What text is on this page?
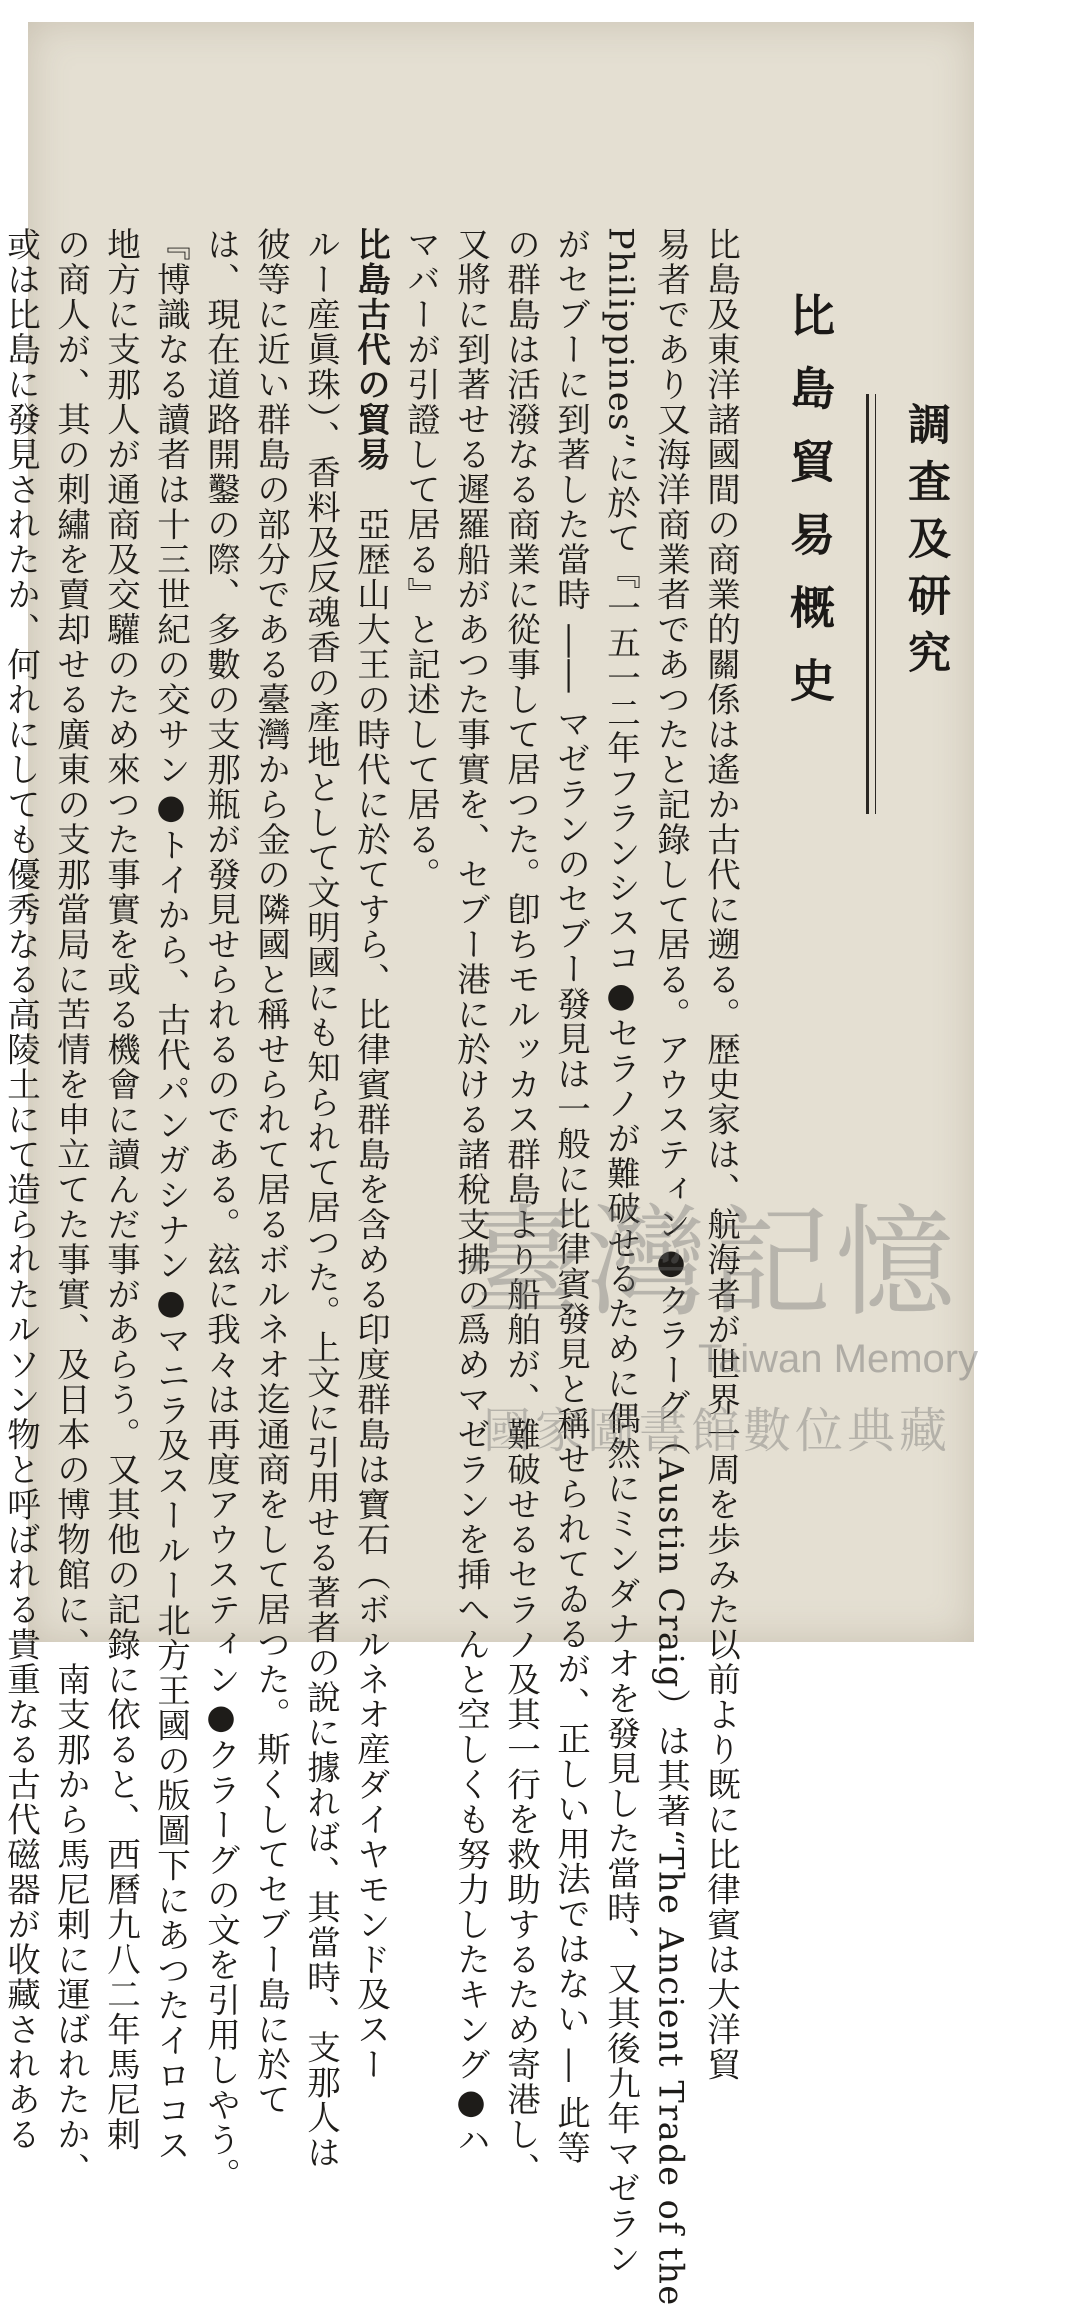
調査及研究
比島貿易概史
比島及東洋諸國間の商業的關係は遙か古代に遡る。歴史家は、航海者が世界一周を歩みた以前より既に比律賓は大洋貿
易者であり又海洋商業者であつたと記錄して居る。アウスティン●クラーグ（Austin Craig）は其著“The Ancient Trade of the
Philippines”に於て『一五一二年フランシスコ●セラノが難破せるために偶然にミンダナオを發見した當時、又其後九年マゼラン
がセブーに到著した當時 ―― マゼランのセブー發見は一般に比律賓發見と稱せられてゐるが、正しい用法ではない ― 此等
の群島は活潑なる商業に從事して居つた。卽ちモルッカス群島より船舶が、難破せるセラノ及其一行を救助するため寄港し、
又將に到著せる遲羅船があつた事實を、セブー港に於ける諸稅支拂の爲めマゼランを挿へんと空しくも努力したキング●ハ
マバーが引證して居る』と記述して居る。
比島古代の貿易　亞歴山大王の時代に於てすら、比律賓群島を含める印度群島は寶石（ボルネオ産ダイヤモンド及スー
ルー産眞珠）、香料及反魂香の產地として文明國にも知られて居つた。上文に引用せる著者の說に據れば、其當時、支那人は
彼等に近い群島の部分である臺灣から金の隣國と稱せられて居るボルネオ迄通商をして居つた。斯くしてセブー島に於て
は、現在道路開鑿の際、多數の支那瓶が發見せられるのである。玆に我々は再度アウスティン●クラーグの文を引用しやう。
『博識なる讀者は十三世紀の交サン●トイから、古代パンガシナン●マニラ及スールー北方王國の版圖下にあつたイロコス
地方に支那人が通商及交驩のため來つた事實を或る機會に讀んだ事があらう。又其他の記錄に依ると、西曆九八二年馬尼剌
の商人が、其の刺繡を賣却せる廣東の支那當局に苦情を申立てた事實、及日本の博物館に、南支那から馬尼剌に運ばれたか、
或は比島に發見されたか、何れにしても優秀なる高陵土にて造られたルソン物と呼ばれる貴重なる古代磁器が收藏されある	臺灣記憶
Taiwan Memory
國家圖書館數位典藏
